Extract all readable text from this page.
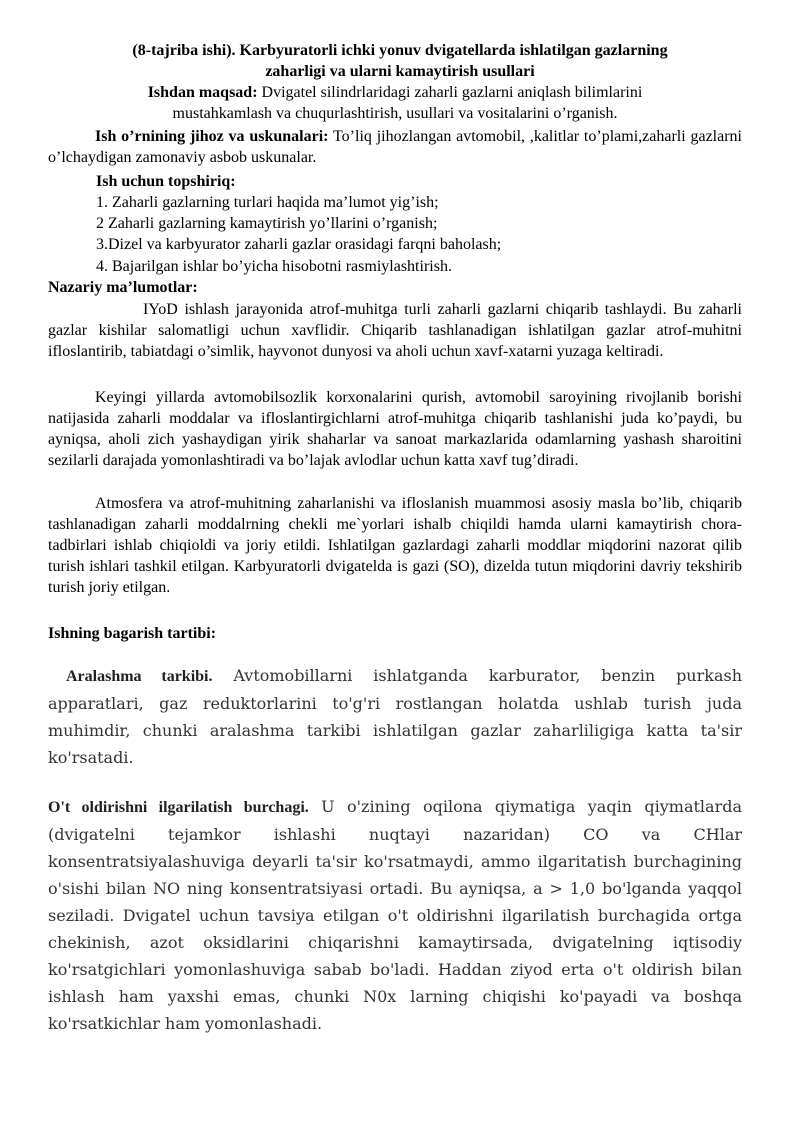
(8-tajriba ishi). Karbyuratorli ichki yonuv dvigatellarda ishlatilgan gazlarning
zaharligi va ularni kamaytirish usullari
Ishdan maqsad: Dvigatel silindrlaridagi zaharli gazlarni aniqlash bilimlarini
mustahkamlash va chuqurlashtirish, usullari va vositalarini o’rganish.
Ish o’rnining jihoz va uskunalari: To’liq jihozlangan avtomobil, ,kalitlar to’plami,zaharli gazlarni o’lchaydigan zamonaviy asbob uskunalar.
Ish uchun topshiriq:
1. Zaharli gazlarning turlari haqida ma’lumot yig’ish;
2 Zaharli gazlarning kamaytirish yo’llarini o’rganish;
3.Dizel va karbyurator zaharli gazlar orasidagi farqni baholash;
4. Bajarilgan ishlar bo’yicha hisobotni rasmiylashtirish.
Nazariy ma’lumotlar:
IYoD ishlash jarayonida atrof-muhitga turli zaharli gazlarni chiqarib tashlaydi. Bu zaharli gazlar kishilar salomatligi uchun xavflidir. Chiqarib tashlanadigan ishlatilgan gazlar atrof-muhitni ifloslantirib, tabiatdagi o’simlik, hayvonot dunyosi va aholi uchun xavf-xatarni yuzaga keltiradi.
Keyingi yillarda avtomobilsozlik korxonalarini qurish, avtomobil saroyining rivojlanib borishi natijasida zaharli moddalar va ifloslantirgichlarni atrof-muhitga chiqarib tashlanishi juda ko’paydi, bu ayniqsa, aholi zich yashaydigan yirik shaharlar va sanoat markazlarida odamlarning yashash sharoitini sezilarli darajada yomonlashtiradi va bo’lajak avlodlar uchun katta xavf tug’diradi.
Atmosfera va atrof-muhitning zaharlanishi va ifloslanish muammosi asosiy masla bo’lib, chiqarib tashlanadigan zaharli moddalrning chekli me`yorlari ishalb chiqildi hamda ularni kamaytirish chora-tadbirlari ishlab chiqioldi va joriy etildi. Ishlatilgan gazlardagi zaharli moddlar miqdorini nazorat qilib turish ishlari tashkil etilgan. Karbyuratorli dvigatelda is gazi (SO), dizelda tutun miqdorini davriy tekshirib turish joriy etilgan.
Ishning bagarish tartibi:
Aralashma tarkibi. Avtomobillarni ishlatganda karburator, benzin purkash apparatlari, gaz reduktorlarini to'g'ri rostlangan holatda ushlab turish juda muhimdir, chunki aralashma tarkibi ishlatilgan gazlar zaharliligiga katta ta'sir ko'rsatadi.
O't oldirishni ilgarilatish burchagi. U o'zining oqilona qiymatiga yaqin qiymatlarda (dvigatelni tejamkor ishlashi nuqtayi nazaridan) CO va CHlar konsentratsiyalashuviga deyarli ta'sir ko'rsatmaydi, ammo ilgaritatish burchagining o'sishi bilan NO ning konsentratsiyasi ortadi. Bu ayniqsa, a > 1,0 bo'lganda yaqqol seziladi. Dvigatel uchun tavsiya etilgan o't oldirishni ilgarilatish burchagida ortga chekinish, azot oksidlarini chiqarishni kamaytirsada, dvigatelning iqtisodiy ko'rsatgichlari yomonlashuviga sabab bo'ladi. Haddan ziyod erta o't oldirish bilan ishlash ham yaxshi emas, chunki N0x larning chiqishi ko'payadi va boshqa ko'rsatkichlar ham yomonlashadi.
